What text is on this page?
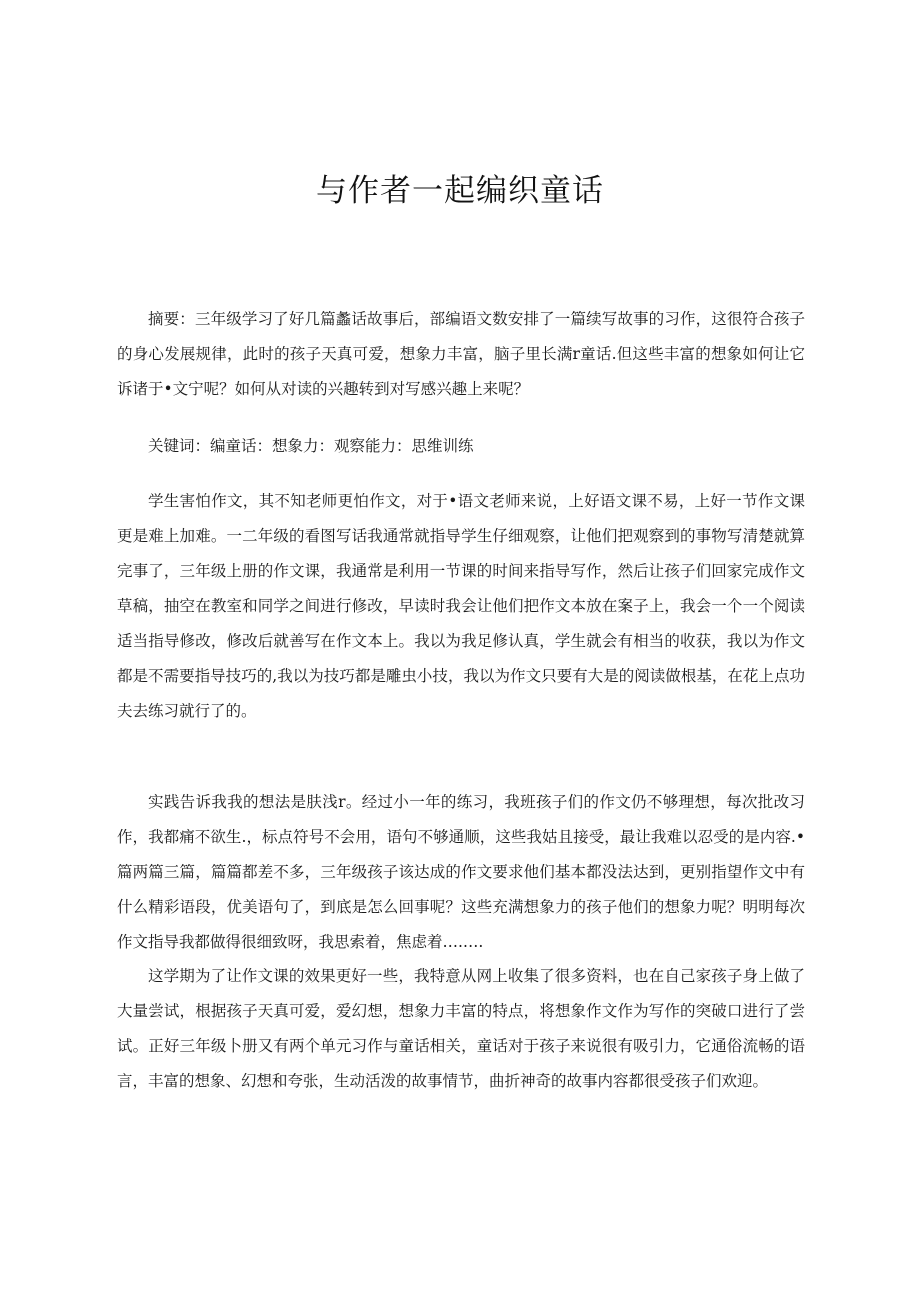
与作者一起编织童话

摘要：三年级学习了好几篇蠡话故事后，部编语文数安排了一篇续写故事的习作，这很符合孩子的身心发展规律，此时的孩子天真可爱，想象力丰富，脑子里长满r童话.但这些丰富的想象如何让它诉诸于•文宁呢？如何从对读的兴趣转到对写感兴趣上来呢？

关键词：编童话：想象力：观察能力：思维训练

学生害怕作文，其不知老师更怕作文，对于•语文老师来说，上好语文课不易，上好一节作文课更是难上加难。一二年级的看图写话我通常就指导学生仔细观察，让他们把观察到的事物写清楚就算完事了，三年级上册的作文课，我通常是利用一节课的时间来指导写作，然后让孩子们回家完成作文草稿，抽空在教室和同学之间进行修改，早读时我会让他们把作文本放在案子上，我会一个一个阅读适当指导修改，修改后就善写在作文本上。我以为我足修认真，学生就会有相当的收获，我以为作文都是不需要指导技巧的,我以为技巧都是雕虫小技，我以为作文只要有大是的阅读做根基，在花上点功夫去练习就行了的。

实践告诉我我的想法是肤浅r。经过小一年的练习，我班孩子们的作文仍不够理想，每次批改习作，我都痛不欲生.，标点符号不会用，语句不够通顺，这些我姑且接受，最让我难以忍受的是内容.•篇两篇三篇，篇篇都差不多，三年级孩子该达成的作文要求他们基本都没法达到，更别指望作文中有什么精彩语段，优美语句了，到底是怎么回事呢？这些充满想象力的孩子他们的想象力呢？明明每次作文指导我都做得很细致呀，我思索着，焦虑着….….

这学期为了让作文课的效果更好一些，我特意从网上收集了很多资料，也在自己家孩子身上做了大量尝试，根据孩子天真可爱，爱幻想，想象力丰富的特点，将想象作文作为写作的突破口进行了尝试。正好三年级卜册又有两个单元习作与童话相关，童话对于孩子来说很有吸引力，它通俗流畅的语言，丰富的想象、幻想和夸张，生动活泼的故事情节，曲折神奇的故事内容都很受孩子们欢迎。
